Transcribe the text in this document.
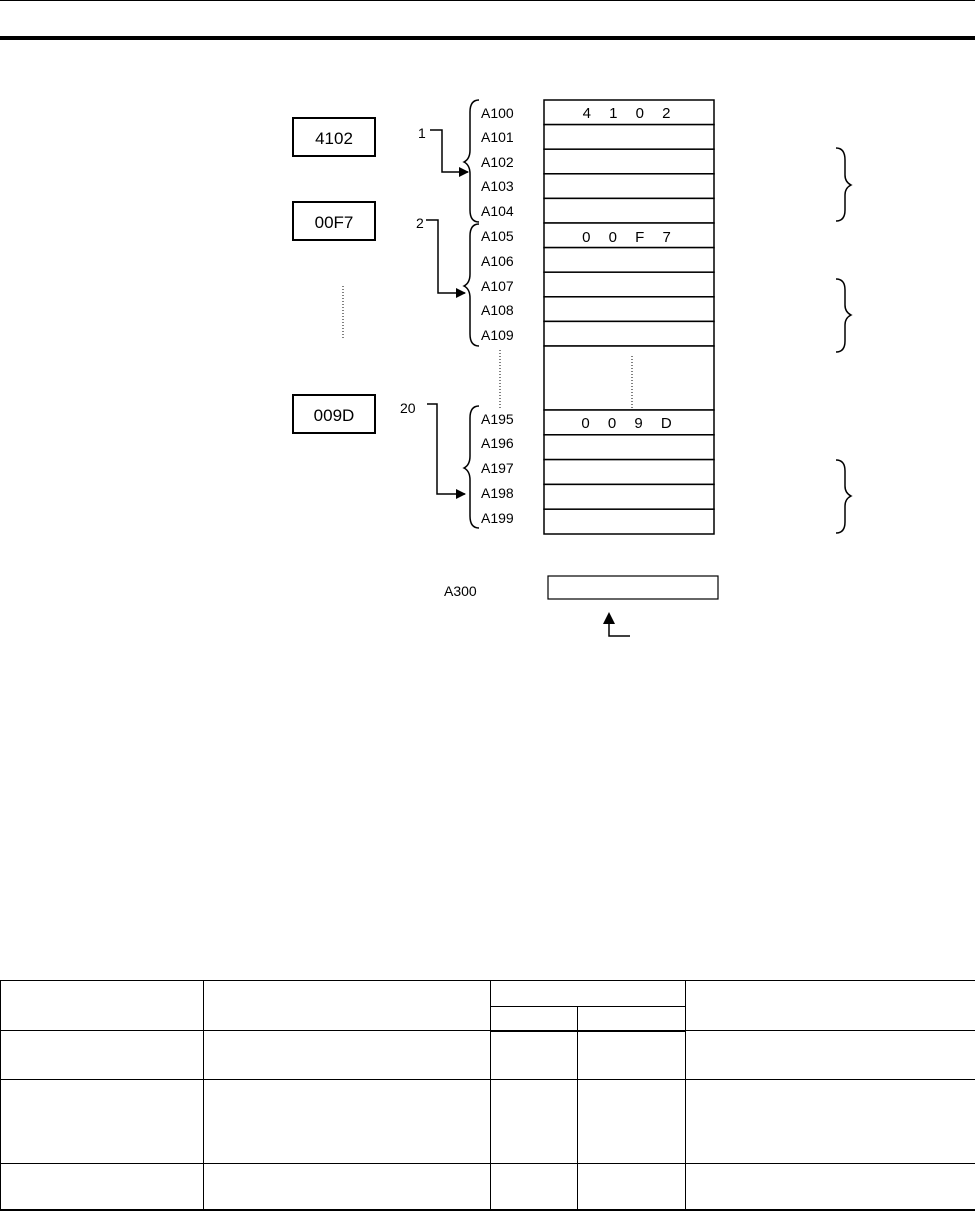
4102
00F7
009D
1
2
20
A100
A101
A102
A103
A104
A105
A106
A107
A108
A109
A195
A196
A197
A198
A199
4 1 0 2
0 0 F 7
0 0 9 D
A300
